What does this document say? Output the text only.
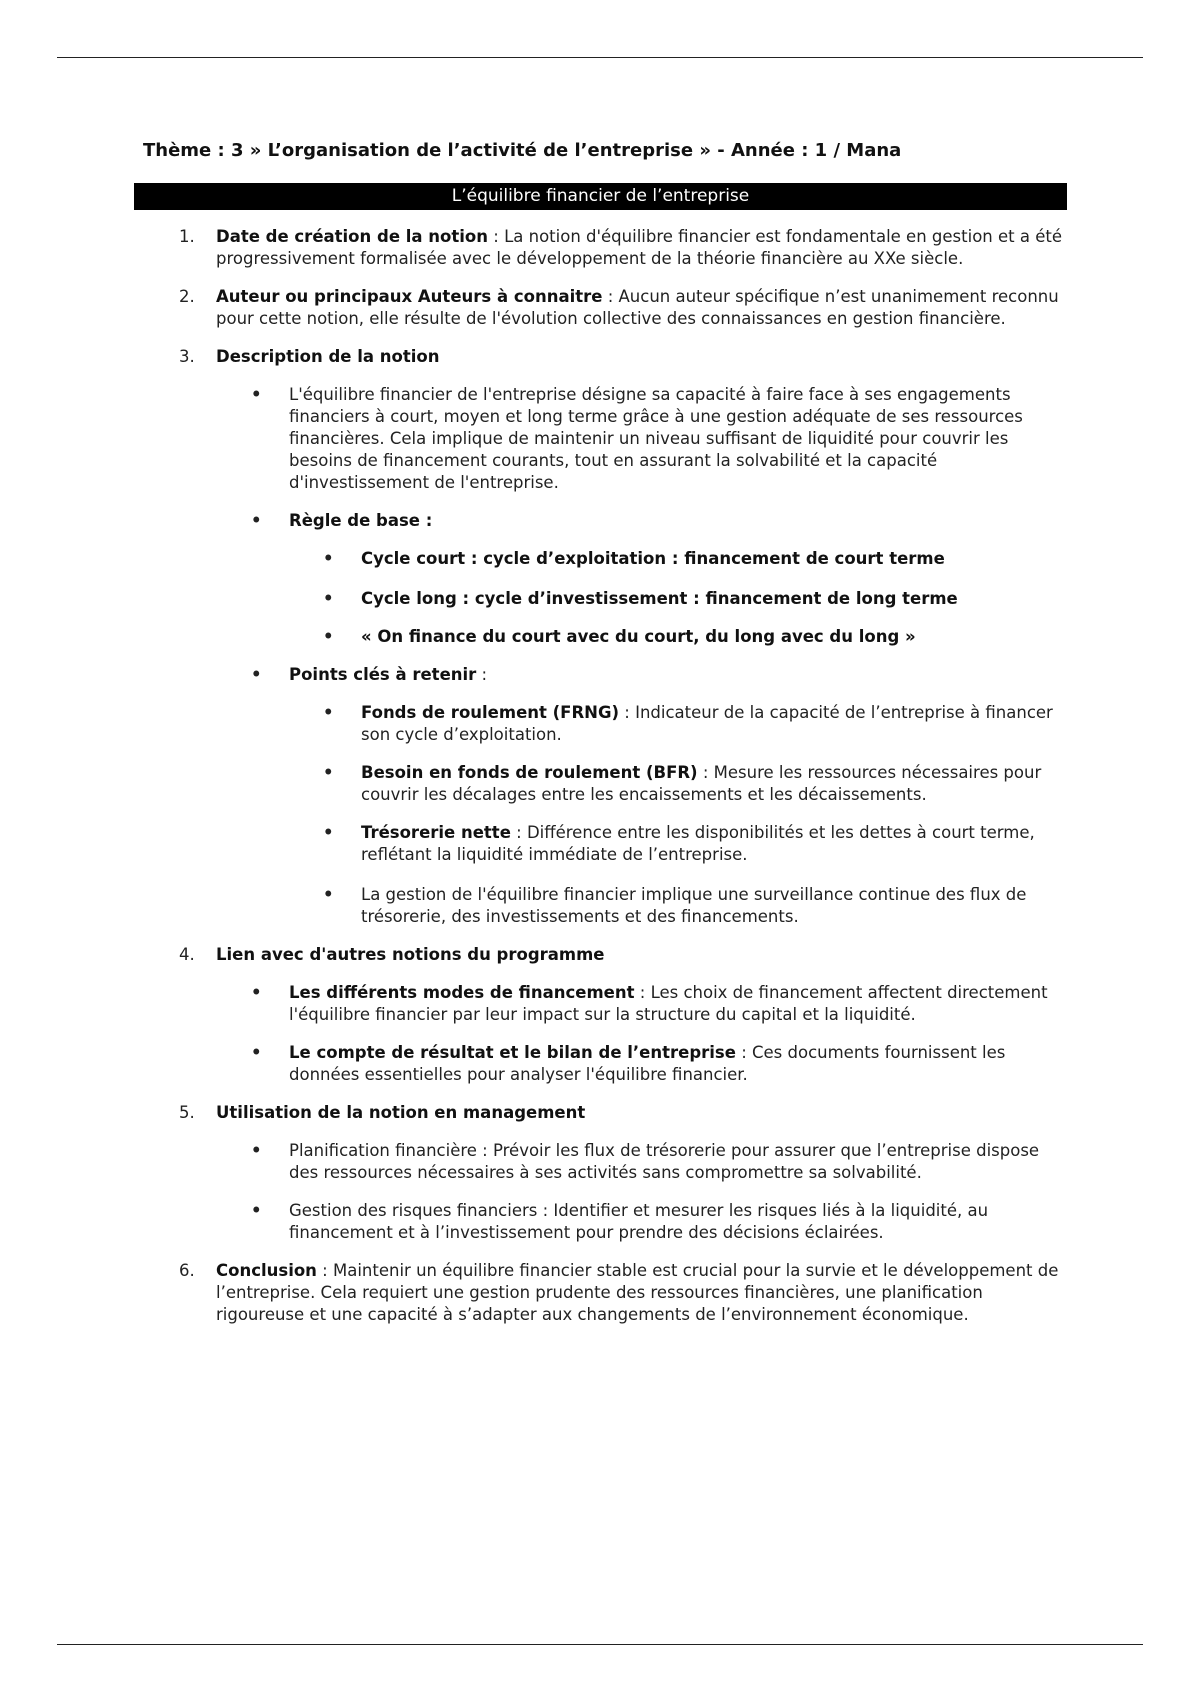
Thème : 3 » L’organisation de l’activité de l’entreprise » - Année : 1 / Mana
L’équilibre financier de l’entreprise
1. Date de création de la notion : La notion d'équilibre financier est fondamentale en gestion et a été progressivement formalisée avec le développement de la théorie financière au XXe siècle.
2. Auteur ou principaux Auteurs à connaitre : Aucun auteur spécifique n’est unanimement reconnu pour cette notion, elle résulte de l'évolution collective des connaissances en gestion financière.
3. Description de la notion
• L'équilibre financier de l'entreprise désigne sa capacité à faire face à ses engagements financiers à court, moyen et long terme grâce à une gestion adéquate de ses ressources financières. Cela implique de maintenir un niveau suffisant de liquidité pour couvrir les besoins de financement courants, tout en assurant la solvabilité et la capacité d'investissement de l'entreprise.
• Règle de base :
• Cycle court : cycle d’exploitation : financement de court terme
• Cycle long : cycle d’investissement : financement de long terme
• « On finance du court avec du court, du long avec du long »
• Points clés à retenir :
• Fonds de roulement (FRNG) : Indicateur de la capacité de l’entreprise à financer son cycle d’exploitation.
• Besoin en fonds de roulement (BFR) : Mesure les ressources nécessaires pour couvrir les décalages entre les encaissements et les décaissements.
• Trésorerie nette : Différence entre les disponibilités et les dettes à court terme, reflétant la liquidité immédiate de l’entreprise.
• La gestion de l'équilibre financier implique une surveillance continue des flux de trésorerie, des investissements et des financements.
4. Lien avec d'autres notions du programme
• Les différents modes de financement : Les choix de financement affectent directement l'équilibre financier par leur impact sur la structure du capital et la liquidité.
• Le compte de résultat et le bilan de l’entreprise : Ces documents fournissent les données essentielles pour analyser l'équilibre financier.
5. Utilisation de la notion en management
• Planification financière : Prévoir les flux de trésorerie pour assurer que l’entreprise dispose des ressources nécessaires à ses activités sans compromettre sa solvabilité.
• Gestion des risques financiers : Identifier et mesurer les risques liés à la liquidité, au financement et à l’investissement pour prendre des décisions éclairées.
6. Conclusion : Maintenir un équilibre financier stable est crucial pour la survie et le développement de l’entreprise. Cela requiert une gestion prudente des ressources financières, une planification rigoureuse et une capacité à s’adapter aux changements de l’environnement économique.
